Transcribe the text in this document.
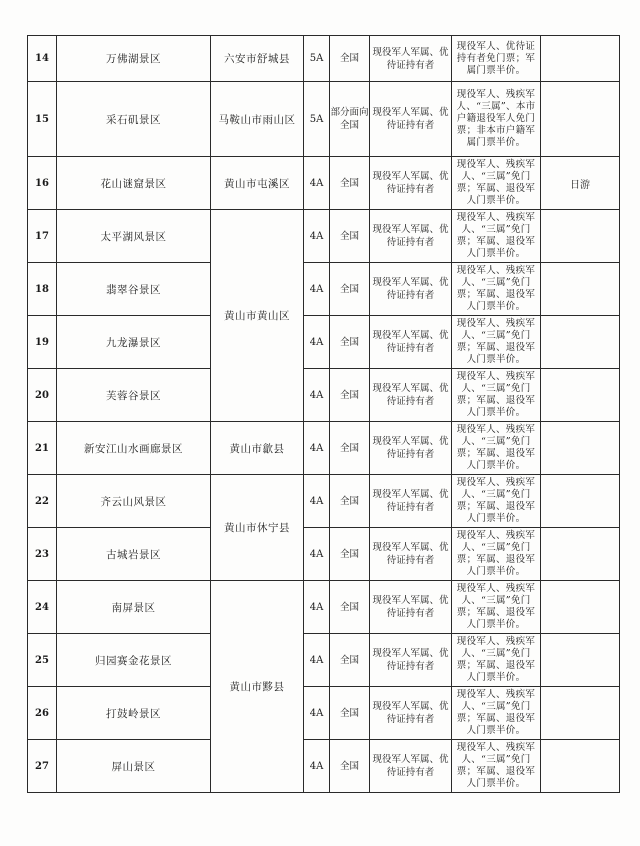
14	万佛湖景区	六安市舒城县	5A	全国	现役军人军属、优待证持有者	现役军人、优待证持有者免门票；军属门票半价。	
15	采石矶景区	马鞍山市雨山区	5A	部分面向全国	现役军人军属、优待证持有者	现役军人、残疾军人、“三属”、本市户籍退役军人免门票；非本市户籍军属门票半价。	
16	花山谜窟景区	黄山市屯溪区	4A	全国	现役军人军属、优待证持有者	现役军人、残疾军人、“三属”免门票；军属、退役军人门票半价。	日游
17	太平湖风景区	黄山市黄山区	4A	全国	现役军人军属、优待证持有者	现役军人、残疾军人、“三属”免门票；军属、退役军人门票半价。	
18	翡翠谷景区		4A	全国	现役军人军属、优待证持有者	现役军人、残疾军人、“三属”免门票；军属、退役军人门票半价。	
19	九龙瀑景区		4A	全国	现役军人军属、优待证持有者	现役军人、残疾军人、“三属”免门票；军属、退役军人门票半价。	
20	芙蓉谷景区		4A	全国	现役军人军属、优待证持有者	现役军人、残疾军人、“三属”免门票；军属、退役军人门票半价。	
21	新安江山水画廊景区	黄山市歙县	4A	全国	现役军人军属、优待证持有者	现役军人、残疾军人、“三属”免门票；军属、退役军人门票半价。	
22	齐云山风景区	黄山市休宁县	4A	全国	现役军人军属、优待证持有者	现役军人、残疾军人、“三属”免门票；军属、退役军人门票半价。	
23	古城岩景区		4A	全国	现役军人军属、优待证持有者	现役军人、残疾军人、“三属”免门票；军属、退役军人门票半价。	
24	南屏景区	黄山市黟县	4A	全国	现役军人军属、优待证持有者	现役军人、残疾军人、“三属”免门票；军属、退役军人门票半价。	
25	归园赛金花景区		4A	全国	现役军人军属、优待证持有者	现役军人、残疾军人、“三属”免门票；军属、退役军人门票半价。	
26	打鼓岭景区		4A	全国	现役军人军属、优待证持有者	现役军人、残疾军人、“三属”免门票；军属、退役军人门票半价。	
27	屏山景区		4A	全国	现役军人军属、优待证持有者	现役军人、残疾军人、“三属”免门票；军属、退役军人门票半价。	
